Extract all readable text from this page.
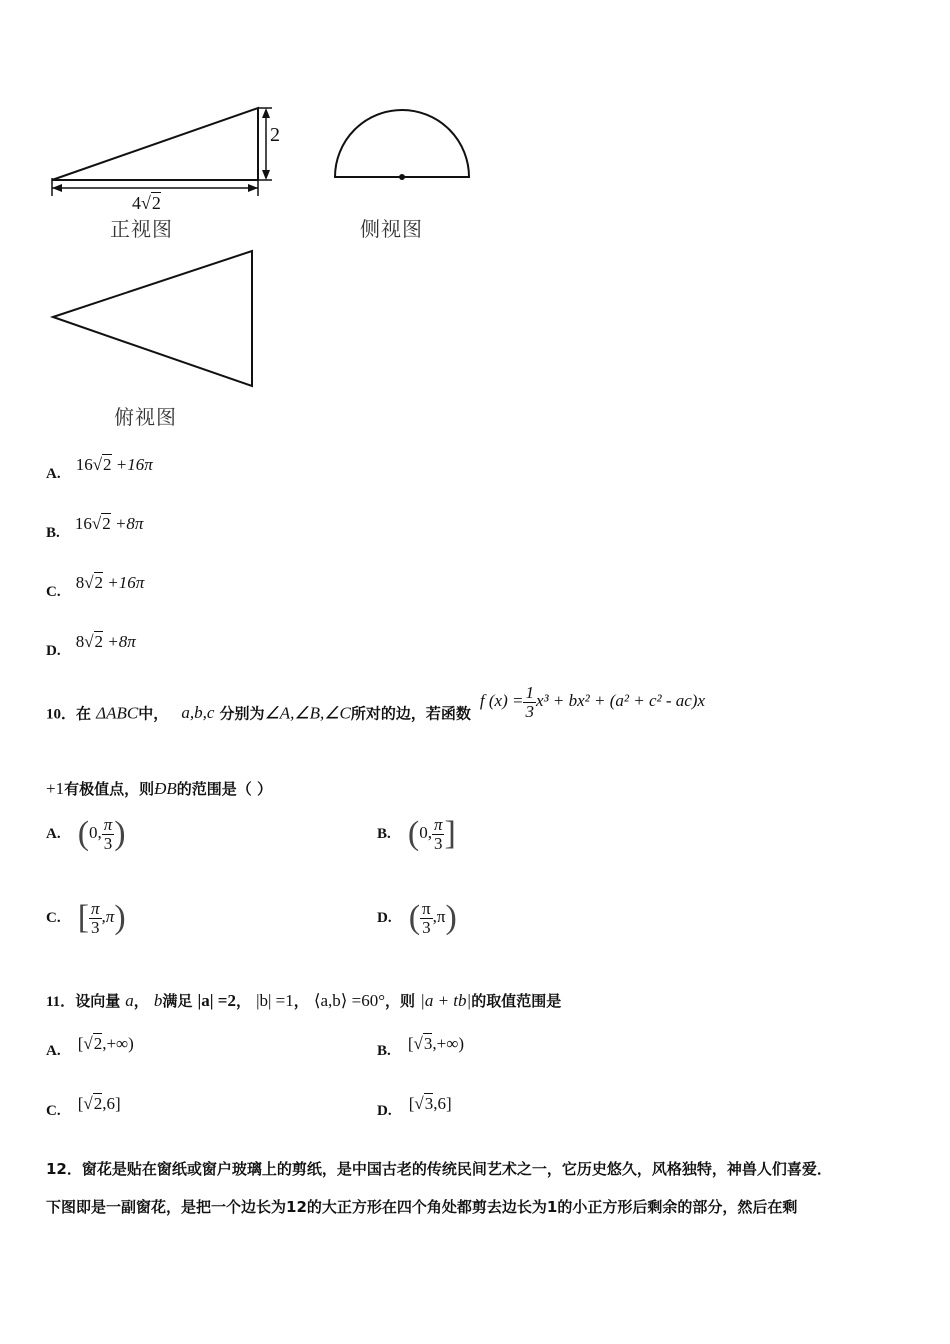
2
4√2
正视图	侧视图
俯视图
A. 16√2 +16π
B. 16√2 +8π
C. 8√2 +16π
D. 8√2 +8π
10．在 ΔABC中， a,b,c 分别为∠A,∠B,∠C所对的边，若函数 f $(x) = \frac{1}{3} x^3 + bx^2 + (a^2 + c^2 - ac)x$
+1有极值点，则ÐB的范围是（ ）
A. (0, $\frac{\pi}{3}$ )	B. (0, $\frac{\pi}{3}$ ]
C. [ $\frac{\pi}{3} ,\pi$)	D. ( $\frac{\pi}{3} ,\pi$)
11．设向量 a， b满足 |a| =2， |b| =1， ⟨a,b⟩ =60°，则 |a + tb|的取值范围是
A. [√2,+∞)	B. [√3,+∞)
C. [√2,6]	D. [√3,6]
12．窗花是贴在窗纸或窗户玻璃上的剪纸，是中国古老的传统民间艺术之一，它历史悠久，风格独特，神兽人们喜爱．
下图即是一副窗花，是把一个边长为12的大正方形在四个角处都剪去边长为1的小正方形后剩余的部分，然后在剩
